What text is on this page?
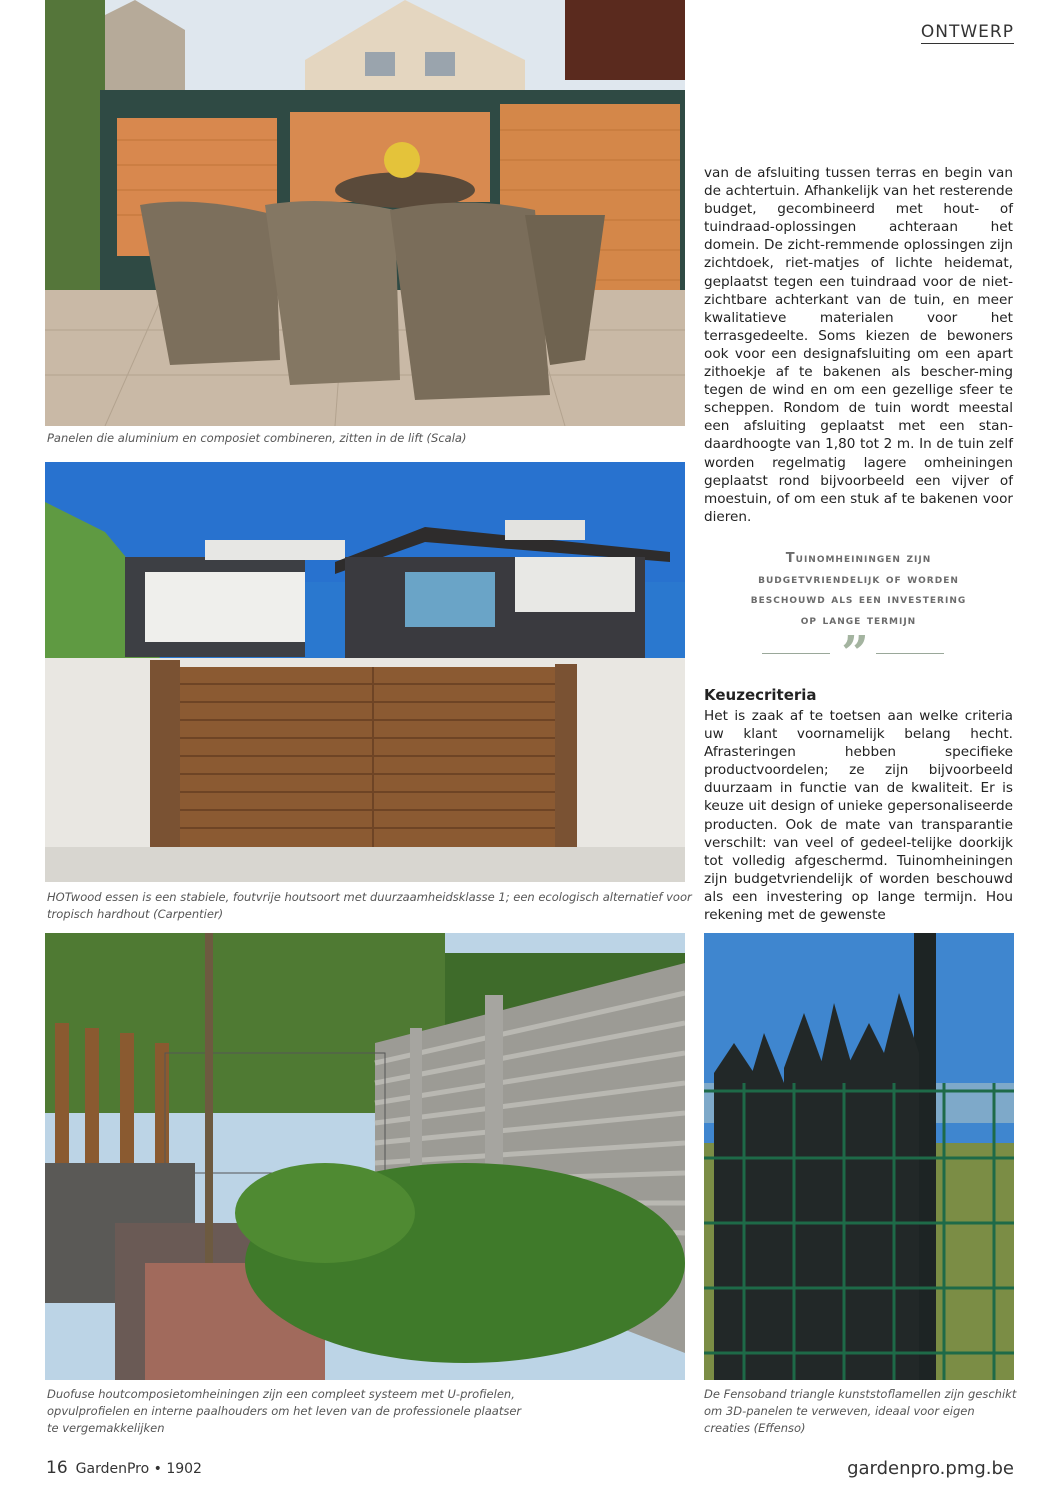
ONTWERP
Panelen die aluminium en composiet combineren, zitten in de lift (Scala)
HOTwood essen is een stabiele, foutvrije houtsoort met duurzaamheidsklasse 1; een ecologisch alternatief voor
tropisch hardhout (Carpentier)
Duofuse houtcomposietomheiningen zijn een compleet systeem met U-profielen,
opvulprofielen en interne paalhouders om het leven van de professionele plaatser
te vergemakkelijken
De Fensoband triangle kunststoflamellen zijn geschikt
om 3D-panelen te verweven, ideaal voor eigen
creaties (Effenso)

van de afsluiting tussen terras en begin van de achtertuin. Afhankelijk van het resterende budget, gecombineerd met hout- of tuindraad-oplossingen achteraan het domein. De zicht-remmende oplossingen zijn zichtdoek, riet-matjes of lichte heidemat, geplaatst tegen een tuindraad voor de niet-zichtbare achterkant van de tuin, en meer kwalitatieve materialen voor het terrasgedeelte. Soms kiezen de bewoners ook voor een designafsluiting om een apart zithoekje af te bakenen als bescher-ming tegen de wind en om een gezellige sfeer te scheppen. Rondom de tuin wordt meestal een afsluiting geplaatst met een stan-daardhoogte van 1,80 tot 2 m. In de tuin zelf worden regelmatig lagere omheiningen geplaatst rond bijvoorbeeld een vijver of moestuin, of om een stuk af te bakenen voor dieren.

Tuinomheiningen zijn
budgetvriendelijk of worden
beschouwd als een investering
op lange termijn
”
Keuzecriteria

Het is zaak af te toetsen aan welke criteria uw klant voornamelijk belang hecht. Afrasteringen hebben specifieke productvoordelen; ze zijn bijvoorbeeld duurzaam in functie van de kwaliteit. Er is keuze uit design of unieke gepersonaliseerde producten. Ook de mate van transparantie verschilt: van veel of gedeel-telijke doorkijk tot volledig afgeschermd. Tuinomheiningen zijn budgetvriendelijk of worden beschouwd als een investering op lange termijn. Hou rekening met de gewenste

16 GardenPro • 1902	gardenpro.pmg.be
